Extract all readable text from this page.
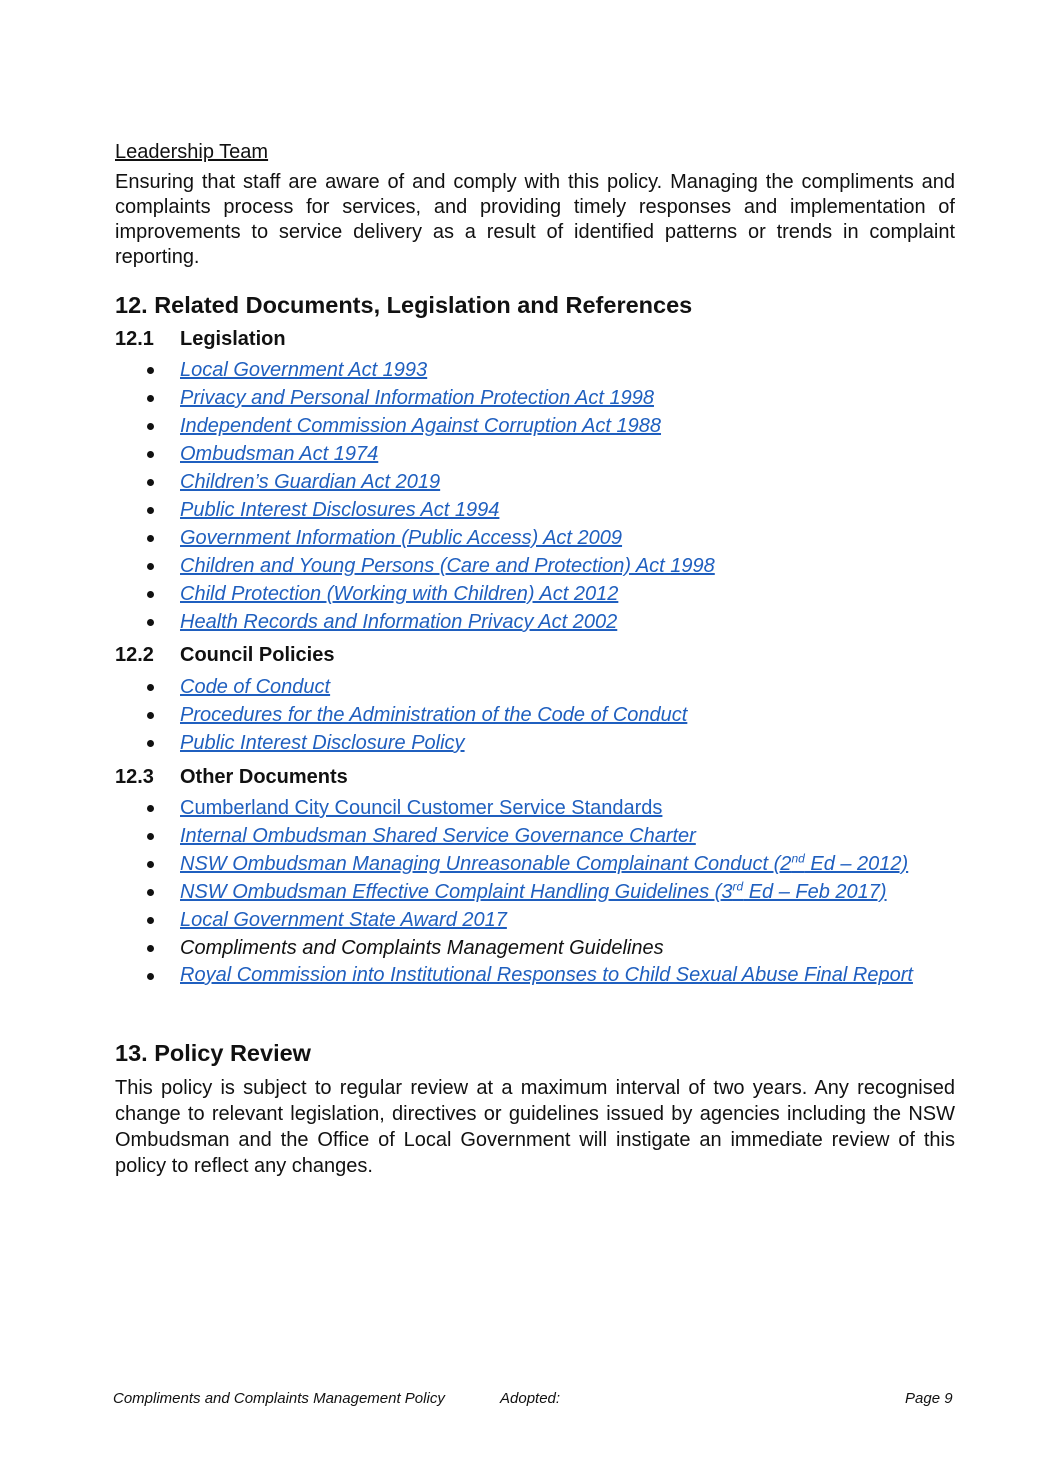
Leadership Team
Ensuring that staff are aware of and comply with this policy. Managing the compliments and complaints process for services, and providing timely responses and implementation of improvements to service delivery as a result of identified patterns or trends in complaint reporting.
12. Related Documents, Legislation and References
12.1 Legislation
Local Government Act 1993
Privacy and Personal Information Protection Act 1998
Independent Commission Against Corruption Act 1988
Ombudsman Act 1974
Children’s Guardian Act 2019
Public Interest Disclosures Act 1994
Government Information (Public Access) Act 2009
Children and Young Persons (Care and Protection) Act 1998
Child Protection (Working with Children) Act 2012
Health Records and Information Privacy Act 2002
12.2 Council Policies
Code of Conduct
Procedures for the Administration of the Code of Conduct
Public Interest Disclosure Policy
12.3 Other Documents
Cumberland City Council Customer Service Standards
Internal Ombudsman Shared Service Governance Charter
NSW Ombudsman Managing Unreasonable Complainant Conduct (2nd Ed – 2012)
NSW Ombudsman Effective Complaint Handling Guidelines (3rd Ed – Feb 2017)
Local Government State Award 2017
Compliments and Complaints Management Guidelines
Royal Commission into Institutional Responses to Child Sexual Abuse Final Report
13. Policy Review
This policy is subject to regular review at a maximum interval of two years. Any recognised change to relevant legislation, directives or guidelines issued by agencies including the NSW Ombudsman and the Office of Local Government will instigate an immediate review of this policy to reflect any changes.
Compliments and Complaints Management Policy	Adopted:	Page 9
